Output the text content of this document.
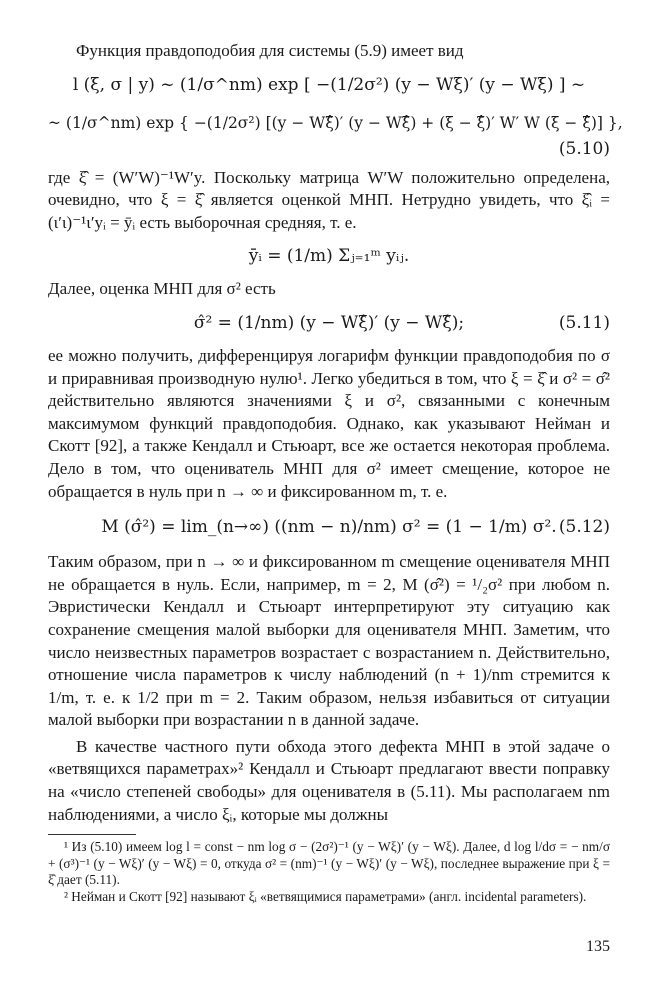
Функция правдоподобия для системы (5.9) имеет вид

l (ξ, σ | y) ~ (1/σ^nm) exp [ −(1/2σ²) (y − Wξ)′ (y − Wξ) ] ~
~ (1/σ^nm) exp { −(1/2σ²) [(y − Wξ̂)′ (y − Wξ̂) + (ξ − ξ̂)′ W′ W (ξ − ξ̂)] },
(5.10)

где ξ̂ = (W′W)⁻¹W′y. Поскольку матрица W′W положительно определена, очевидно, что ξ = ξ̂ является оценкой МНП. Нетрудно увидеть, что ξ̂ᵢ = (ι′ι)⁻¹ι′yᵢ = ȳᵢ есть выборочная средняя, т. е.

ȳᵢ = (1/m) Σⱼ₌₁ᵐ yᵢⱼ.

Далее, оценка МНП для σ² есть

σ̂² = (1/nm) (y − Wξ̂)′ (y − Wξ̂);	(5.11)

ее можно получить, дифференцируя логарифм функции правдоподобия по σ и приравнивая производную нулю¹. Легко убедиться в том, что ξ = ξ̂ и σ² = σ̂² действительно являются значениями ξ и σ², связанными с конечным максимумом функций правдоподобия. Однако, как указывают Нейман и Скотт [92], а также Кендалл и Стьюарт, все же остается некоторая проблема. Дело в том, что оцениватель МНП для σ² имеет смещение, которое не обращается в нуль при n → ∞ и фиксированном m, т. е.

M (σ̂²) = lim_(n→∞) ((nm − n)/nm) σ² = (1 − 1/m) σ². (5.12)

Таким образом, при n → ∞ и фиксированном m смещение оценивателя МНП не обращается в нуль. Если, например, m = 2, M (σ̂²) = ¹/₂σ² при любом n. Эвристически Кендалл и Стьюарт интерпретируют эту ситуацию как сохранение смещения малой выборки для оценивателя МНП. Заметим, что число неизвестных параметров возрастает с возрастанием n. Действительно, отношение числа параметров к числу наблюдений (n + 1)/nm стремится к 1/m, т. е. к 1/2 при m = 2. Таким образом, нельзя избавиться от ситуации малой выборки при возрастании n в данной задаче.

В качестве частного пути обхода этого дефекта МНП в этой задаче о «ветвящихся параметрах»² Кендалл и Стьюарт предлагают ввести поправку на «число степеней свободы» для оценивателя в (5.11). Мы располагаем nm наблюдениями, а число ξᵢ, которые мы должны

¹ Из (5.10) имеем log l = const − nm log σ − (2σ²)⁻¹ (y − Wξ)′ (y − Wξ). Далее, d log l/dσ = − nm/σ + (σ³)⁻¹ (y − Wξ)′ (y − Wξ) = 0, откуда σ² = (nm)⁻¹ (y − Wξ)′ (y − Wξ), последнее выражение при ξ = ξ̂ дает (5.11).

² Нейман и Скотт [92] называют ξᵢ «ветвящимися параметрами» (англ. incidental parameters).

135
